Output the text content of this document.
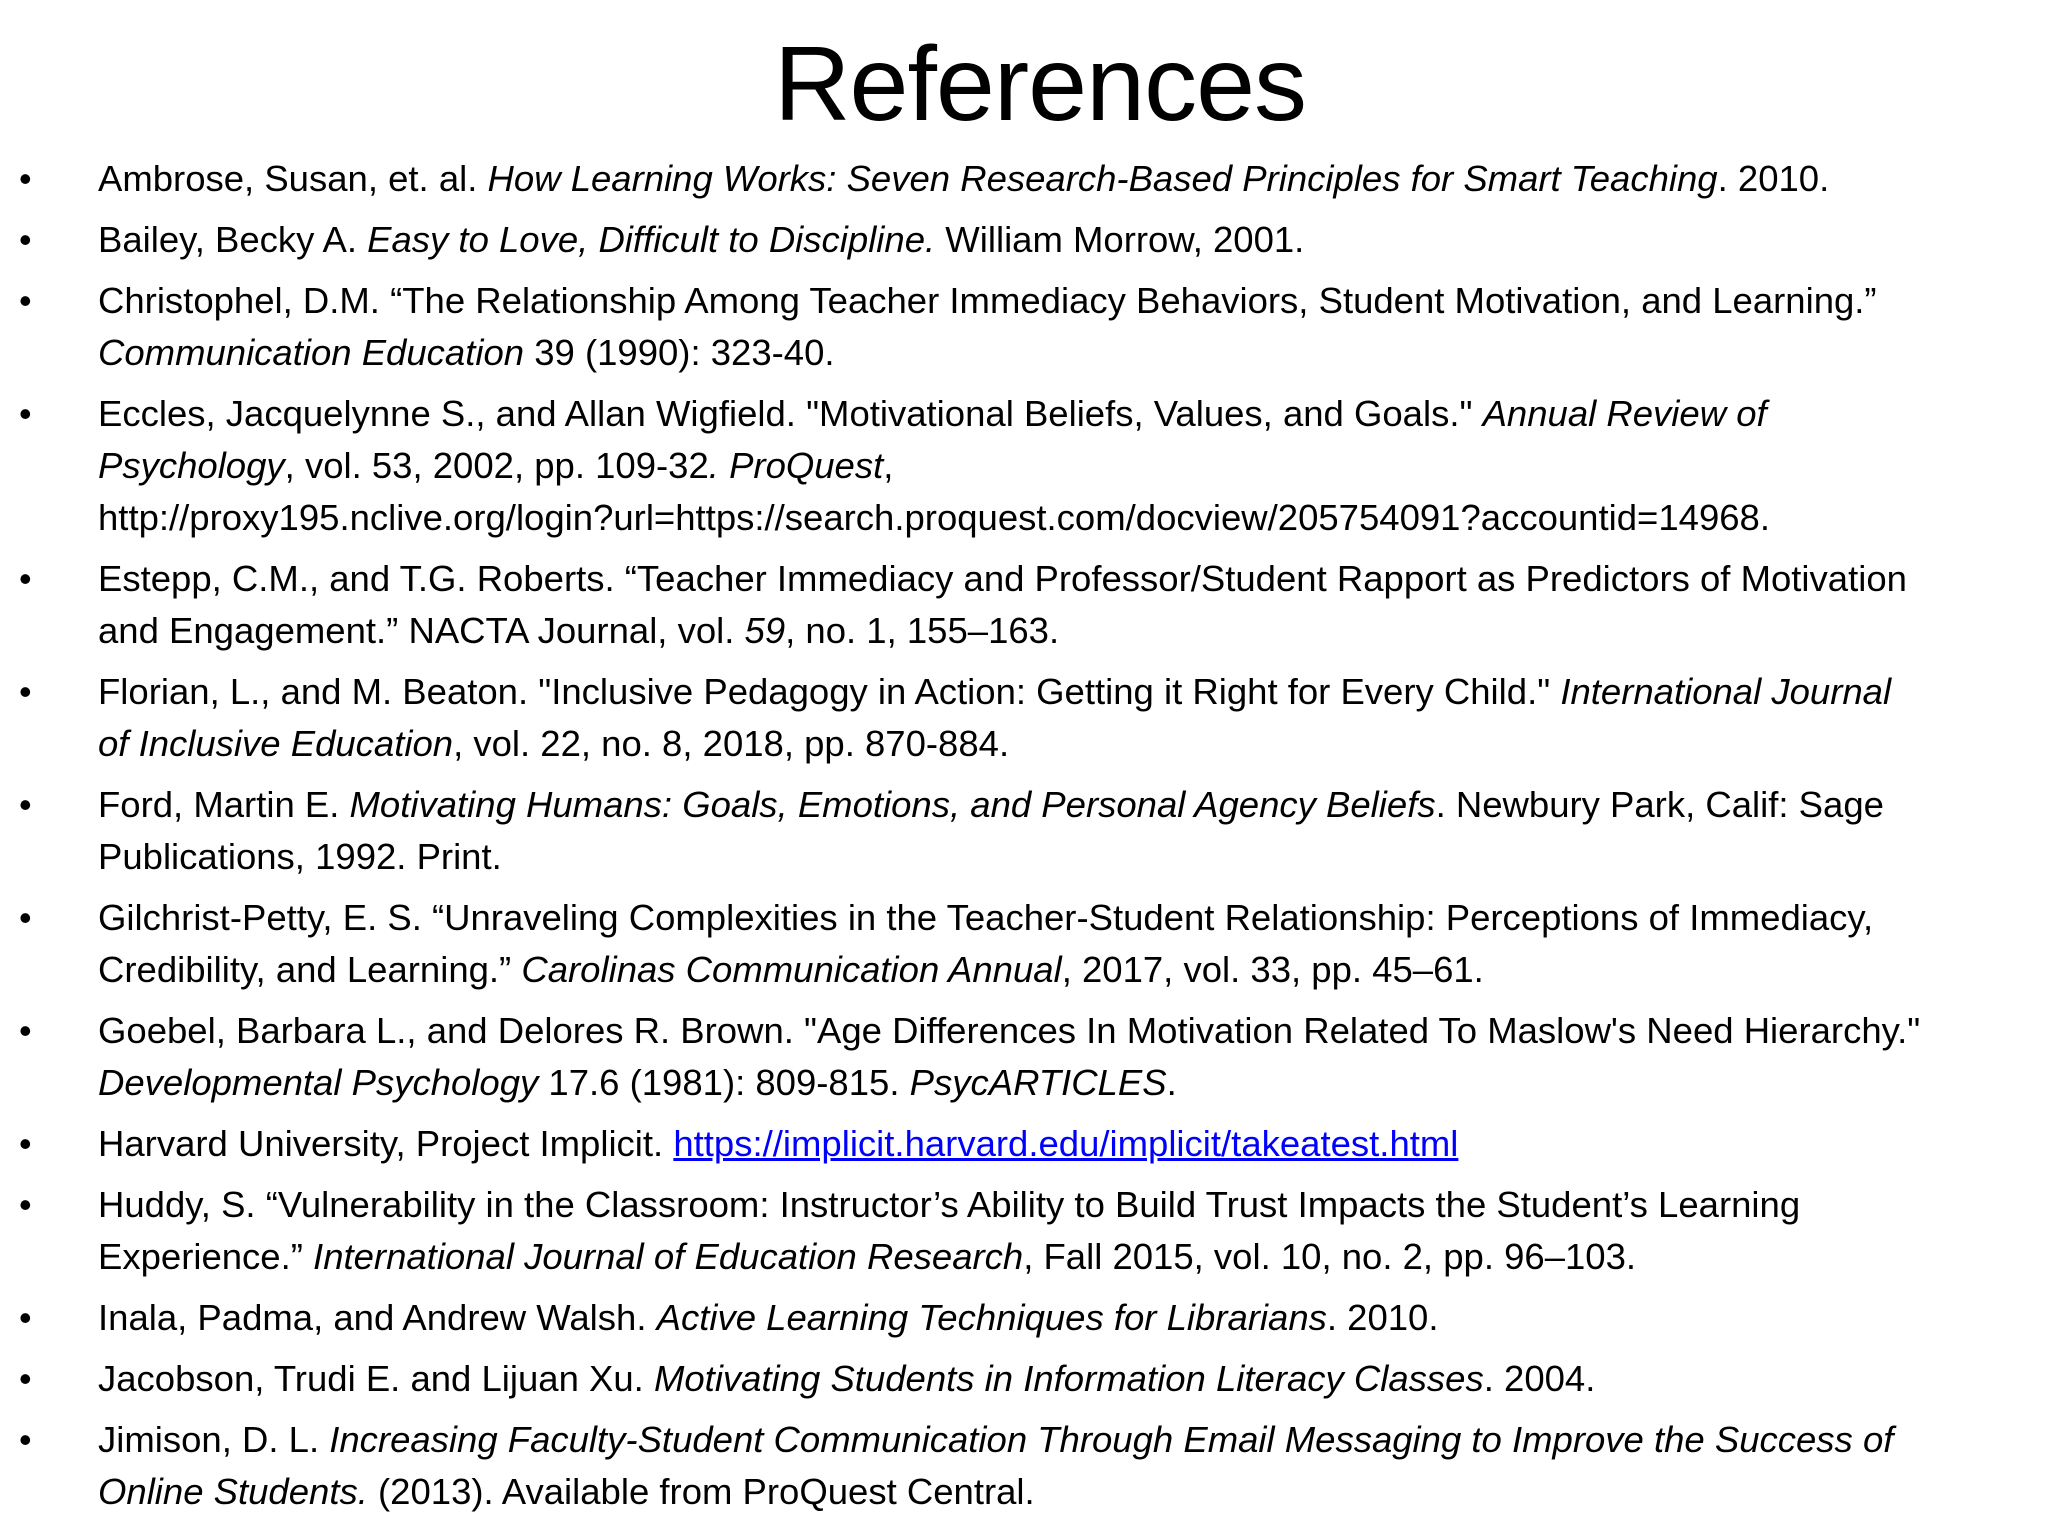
References
•	Ambrose, Susan, et. al. How Learning Works: Seven Research-Based Principles for Smart Teaching. 2010.
•	Bailey, Becky A. Easy to Love, Difficult to Discipline. William Morrow, 2001.
•	Christophel, D.M. “The Relationship Among Teacher Immediacy Behaviors, Student Motivation, and Learning.”
Communication Education 39 (1990): 323-40.
•	Eccles, Jacquelynne S., and Allan Wigfield. "Motivational Beliefs, Values, and Goals." Annual Review of
Psychology, vol. 53, 2002, pp. 109-32. ProQuest,
http://proxy195.nclive.org/login?url=https://search.proquest.com/docview/205754091?accountid=14968.
•	Estepp, C.M., and T.G. Roberts. “Teacher Immediacy and Professor/Student Rapport as Predictors of Motivation
and Engagement.” NACTA Journal, vol. 59, no. 1, 155–163.
•	Florian, L., and M. Beaton. "Inclusive Pedagogy in Action: Getting it Right for Every Child." International Journal
of Inclusive Education, vol. 22, no. 8, 2018, pp. 870-884.
•	Ford, Martin E. Motivating Humans: Goals, Emotions, and Personal Agency Beliefs. Newbury Park, Calif: Sage
Publications, 1992. Print.
•	Gilchrist-Petty, E. S. “Unraveling Complexities in the Teacher-Student Relationship: Perceptions of Immediacy,
Credibility, and Learning.” Carolinas Communication Annual, 2017, vol. 33, pp. 45–61.
•	Goebel, Barbara L., and Delores R. Brown. "Age Differences In Motivation Related To Maslow's Need Hierarchy."
Developmental Psychology 17.6 (1981): 809-815. PsycARTICLES.
•	Harvard University, Project Implicit. https://implicit.harvard.edu/implicit/takeatest.html
•	Huddy, S. “Vulnerability in the Classroom: Instructor’s Ability to Build Trust Impacts the Student’s Learning
Experience.” International Journal of Education Research, Fall 2015, vol. 10, no. 2, pp. 96–103.
•	Inala, Padma, and Andrew Walsh. Active Learning Techniques for Librarians. 2010.
•	Jacobson, Trudi E. and Lijuan Xu. Motivating Students in Information Literacy Classes. 2004.
•	Jimison, D. L. Increasing Faculty-Student Communication Through Email Messaging to Improve the Success of
Online Students. (2013). Available from ProQuest Central.
